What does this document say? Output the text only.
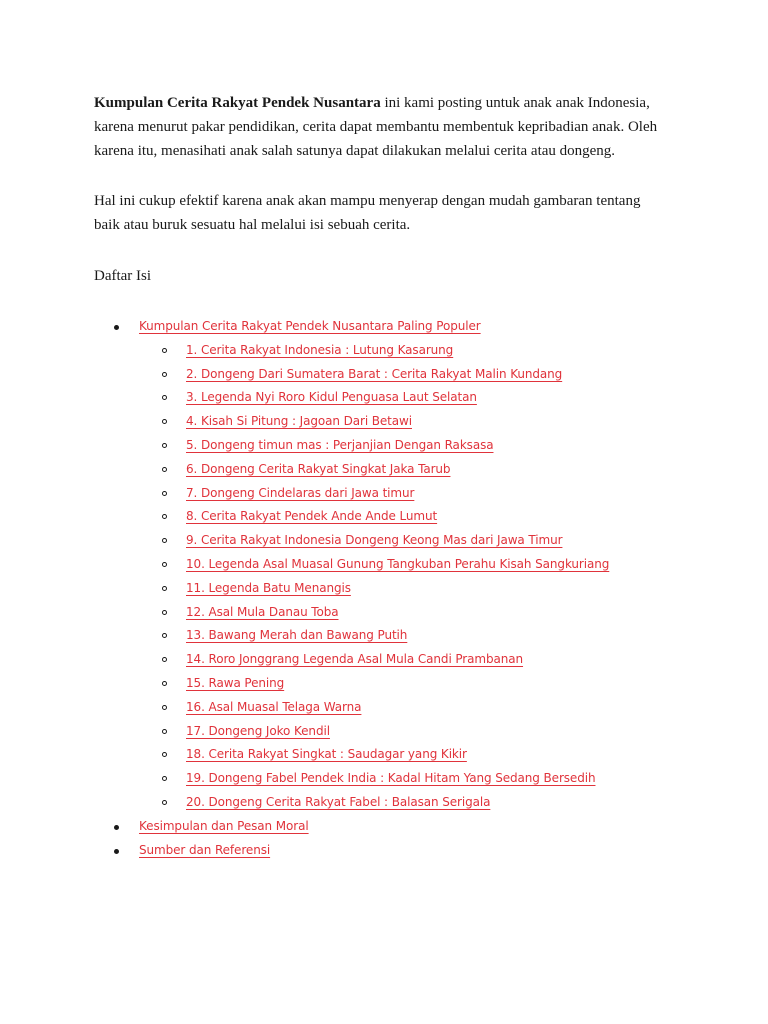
Kumpulan Cerita Rakyat Pendek Nusantara ini kami posting untuk anak anak Indonesia,
karena menurut pakar pendidikan, cerita dapat membantu membentuk kepribadian anak. Oleh
karena itu, menasihati anak salah satunya dapat dilakukan melalui cerita atau dongeng.

Hal ini cukup efektif karena anak akan mampu menyerap dengan mudah gambaran tentang
baik atau buruk sesuatu hal melalui isi sebuah cerita.

Daftar Isi

Kumpulan Cerita Rakyat Pendek Nusantara Paling Populer
1. Cerita Rakyat Indonesia : Lutung Kasarung
2. Dongeng Dari Sumatera Barat : Cerita Rakyat Malin Kundang
3. Legenda Nyi Roro Kidul Penguasa Laut Selatan
4. Kisah Si Pitung : Jagoan Dari Betawi
5. Dongeng timun mas : Perjanjian Dengan Raksasa
6. Dongeng Cerita Rakyat Singkat Jaka Tarub
7. Dongeng Cindelaras dari Jawa timur
8. Cerita Rakyat Pendek Ande Ande Lumut
9. Cerita Rakyat Indonesia Dongeng Keong Mas dari Jawa Timur
10. Legenda Asal Muasal Gunung Tangkuban Perahu Kisah Sangkuriang
11. Legenda Batu Menangis
12. Asal Mula Danau Toba
13. Bawang Merah dan Bawang Putih
14. Roro Jonggrang Legenda Asal Mula Candi Prambanan
15. Rawa Pening
16. Asal Muasal Telaga Warna
17. Dongeng Joko Kendil
18. Cerita Rakyat Singkat : Saudagar yang Kikir
19. Dongeng Fabel Pendek India : Kadal Hitam Yang Sedang Bersedih
20. Dongeng Cerita Rakyat Fabel : Balasan Serigala
Kesimpulan dan Pesan Moral
Sumber dan Referensi
